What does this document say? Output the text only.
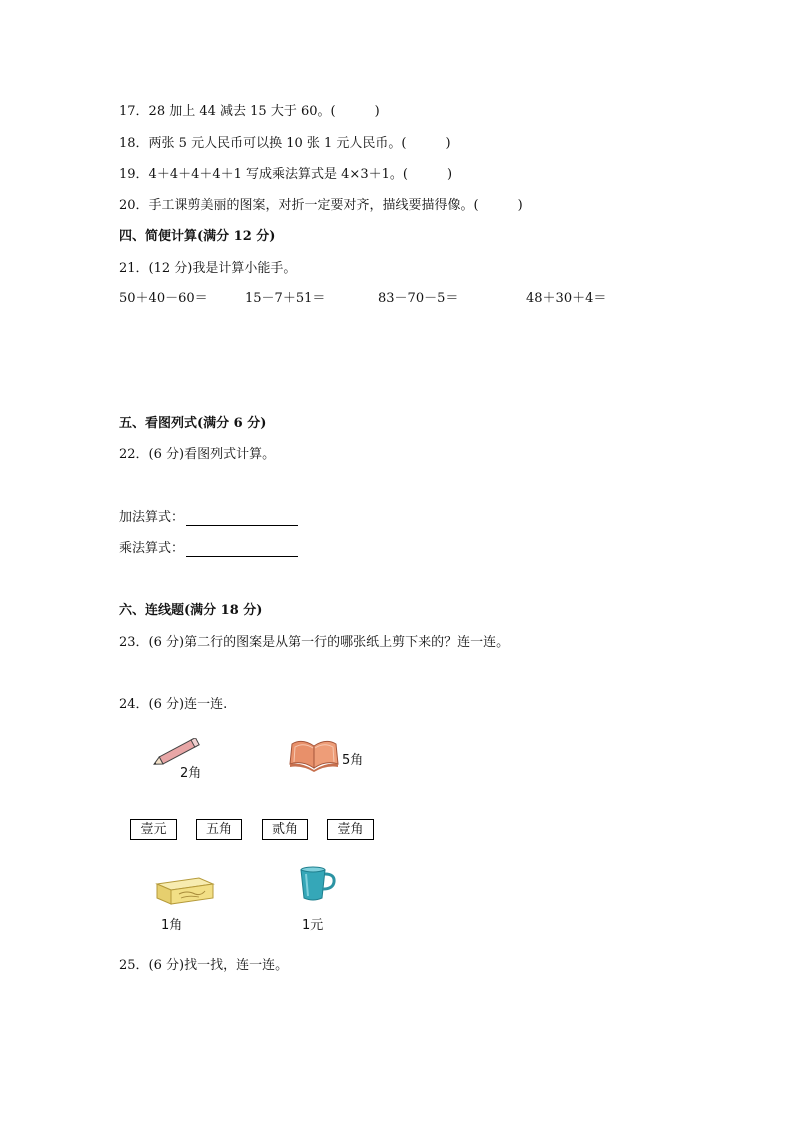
17．28 加上 44 减去 15 大于 60。(　　　)
18．两张 5 元人民币可以换 10 张 1 元人民币。(　　　)
19．4＋4＋4＋4＋1 写成乘法算式是 4×3＋1。(　　　)
20．手工课剪美丽的图案，对折一定要对齐，描线要描得像。(　　　)
四、简便计算(满分 12 分)
21．(12 分)我是计算小能手。
50＋40－60＝	15－7＋51＝	83－70－5＝	48＋30＋4＝
五、看图列式(满分 6 分)
22．(6 分)看图列式计算。
加法算式：
乘法算式：
六、连线题(满分 18 分)
23．(6 分)第二行的图案是从第一行的哪张纸上剪下来的？连一连。
24．(6 分)连一连.
2角
5角
壹元	五角	贰角	壹角
1角	1元
25．(6 分)找一找，连一连。
